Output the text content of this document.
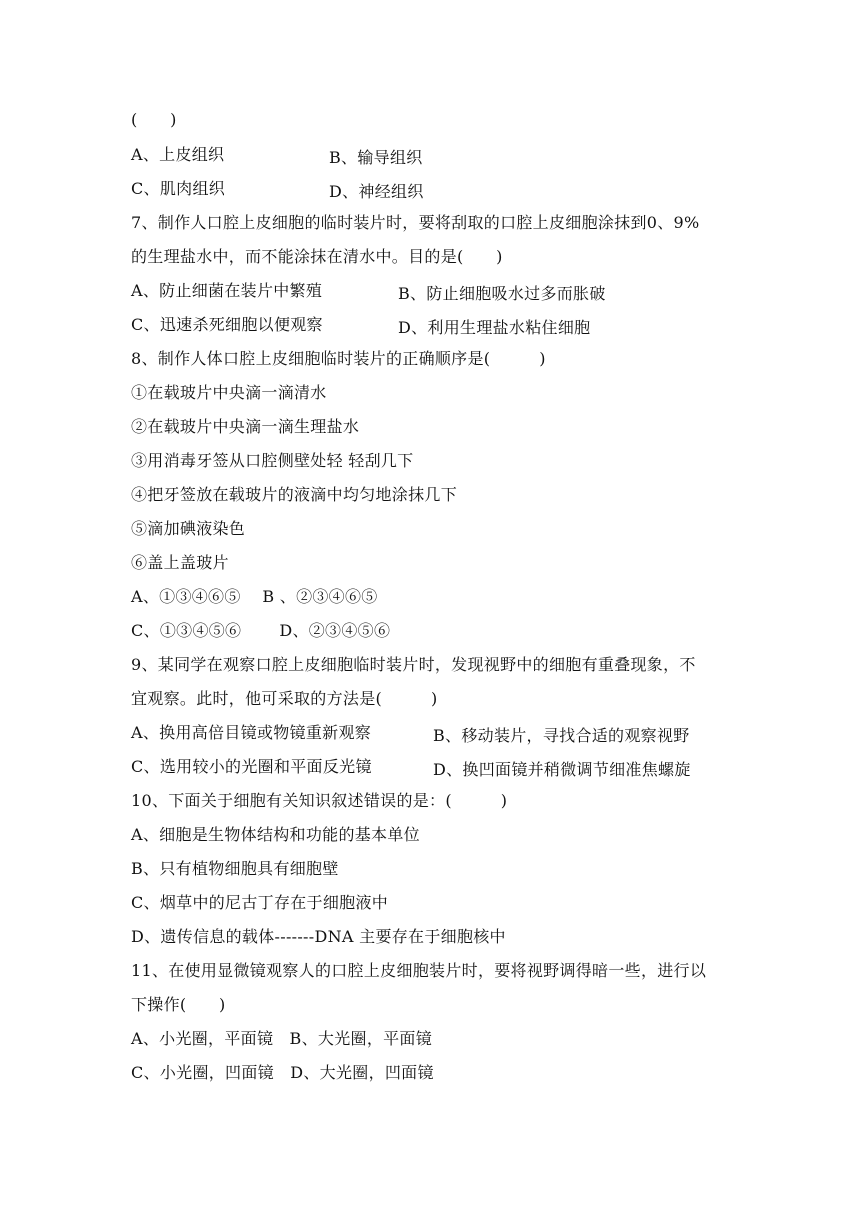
(　　)
A、上皮组织	B、输导组织
C、肌肉组织	D、神经组织
7、制作人口腔上皮细胞的临时装片时，要将刮取的口腔上皮细胞涂抹到0、9%
的生理盐水中，而不能涂抹在清水中。目的是(　　)
A、防止细菌在装片中繁殖	B、防止细胞吸水过多而胀破
C、迅速杀死细胞以便观察	D、利用生理盐水粘住细胞
8、制作人体口腔上皮细胞临时装片的正确顺序是(　　　)
①在载玻片中央滴一滴清水
②在载玻片中央滴一滴生理盐水
③用消毒牙签从口腔侧壁处轻 轻刮几下
④把牙签放在载玻片的液滴中均匀地涂抹几下
⑤滴加碘液染色
⑥盖上盖玻片
A、①③④⑥⑤　 B 、②③④⑥⑤
C、①③④⑤⑥　　 D、②③④⑤⑥
9、某同学在观察口腔上皮细胞临时装片时，发现视野中的细胞有重叠现象，不
宜观察。此时，他可采取的方法是(　　　)
A、换用高倍目镜或物镜重新观察	B、移动装片，寻找合适的观察视野
C、选用较小的光圈和平面反光镜	D、换凹面镜并稍微调节细准焦螺旋
10、下面关于细胞有关知识叙述错误的是：(　　　)
A、细胞是生物体结构和功能的基本单位
B、只有植物细胞具有细胞壁
C、烟草中的尼古丁存在于细胞液中
D、遗传信息的载体-------DNA 主要存在于细胞核中
11、在使用显微镜观察人的口腔上皮细胞装片时，要将视野调得暗一些，进行以
下操作(　　)
A、小光圈，平面镜　B、大光圈，平面镜
C、小光圈，凹面镜　D、大光圈，凹面镜
